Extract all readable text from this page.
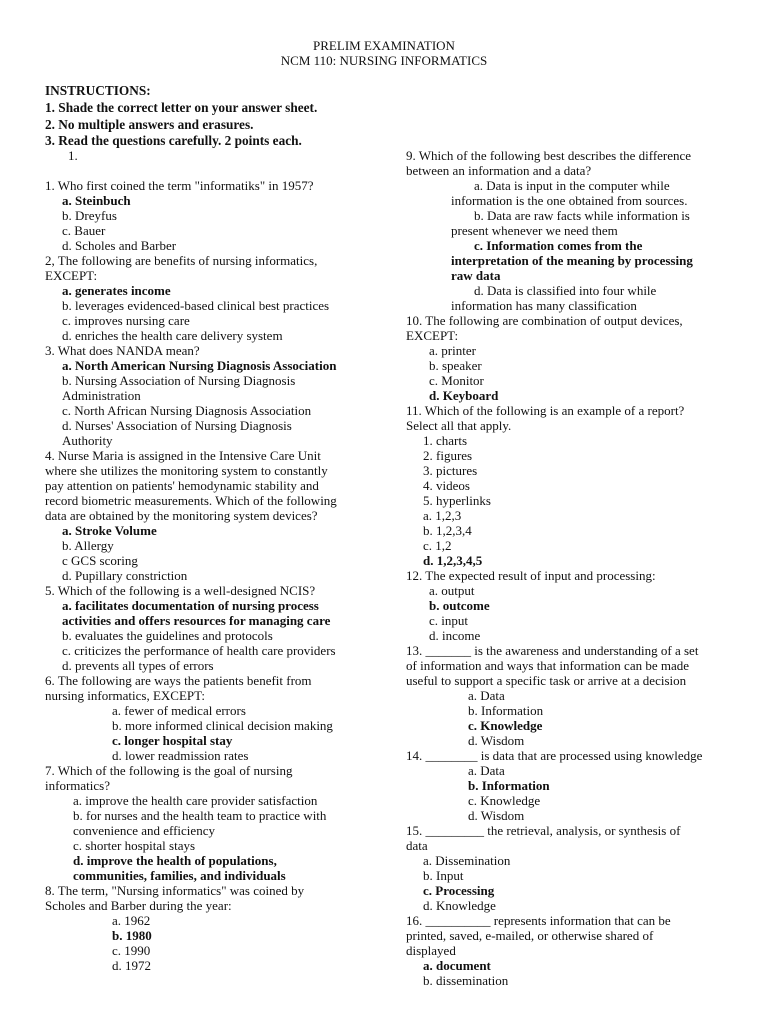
PRELIM EXAMINATION
NCM 110: NURSING INFORMATICS
INSTRUCTIONS:
1. Shade the correct letter on your answer sheet.
2. No multiple answers and erasures.
3. Read the questions carefully. 2 points each.
1.
1. Who first coined the term "informatiks" in 1957?
a. Steinbuch
b. Dreyfus
c. Bauer
d. Scholes and Barber
2, The following are benefits of nursing informatics,
EXCEPT:
a. generates income
b. leverages evidenced-based clinical best practices
c. improves nursing care
d. enriches the health care delivery system
3. What does NANDA mean?
a. North American Nursing Diagnosis Association
b. Nursing Association of Nursing Diagnosis
Administration
c. North African Nursing Diagnosis Association
d. Nurses' Association of Nursing Diagnosis
Authority
4. Nurse Maria is assigned in the Intensive Care Unit
where she utilizes the monitoring system to constantly
pay attention on patients' hemodynamic stability and
record biometric measurements. Which of the following
data are obtained by the monitoring system devices?
a. Stroke Volume
b. Allergy
c GCS scoring
d. Pupillary constriction
5. Which of the following is a well-designed NCIS?
a. facilitates documentation of nursing process
activities and offers resources for managing care
b. evaluates the guidelines and protocols
c. criticizes the performance of health care providers
d. prevents all types of errors
6. The following are ways the patients benefit from
nursing informatics, EXCEPT:
a. fewer of medical errors
b. more informed clinical decision making
c. longer hospital stay
d. lower readmission rates
7. Which of the following is the goal of nursing
informatics?
a. improve the health care provider satisfaction
b. for nurses and the health team to practice with
convenience and efficiency
c. shorter hospital stays
d. improve the health of populations,
communities, families, and individuals
8. The term, "Nursing informatics" was coined by
Scholes and Barber during the year:
a. 1962
b. 1980
c. 1990
d. 1972
9. Which of the following best describes the difference
between an information and a data?
a. Data is input in the computer while
information is the one obtained from sources.
b. Data are raw facts while information is
present whenever we need them
c. Information comes from the
interpretation of the meaning by processing
raw data
d. Data is classified into four while
information has many classification
10. The following are combination of output devices,
EXCEPT:
a. printer
b. speaker
c. Monitor
d. Keyboard
11. Which of the following is an example of a report?
Select all that apply.
1. charts
2. figures
3. pictures
4. videos
5. hyperlinks
a. 1,2,3
b. 1,2,3,4
c. 1,2
d. 1,2,3,4,5
12. The expected result of input and processing:
a. output
b. outcome
c. input
d. income
13. _______ is the awareness and understanding of a set
of information and ways that information can be made
useful to support a specific task or arrive at a decision
a. Data
b. Information
c. Knowledge
d. Wisdom
14. ________ is data that are processed using knowledge
a. Data
b. Information
c. Knowledge
d. Wisdom
15. _________ the retrieval, analysis, or synthesis of
data
a. Dissemination
b. Input
c. Processing
d. Knowledge
16. __________ represents information that can be
printed, saved, e-mailed, or otherwise shared of
displayed
a. document
b. dissemination
